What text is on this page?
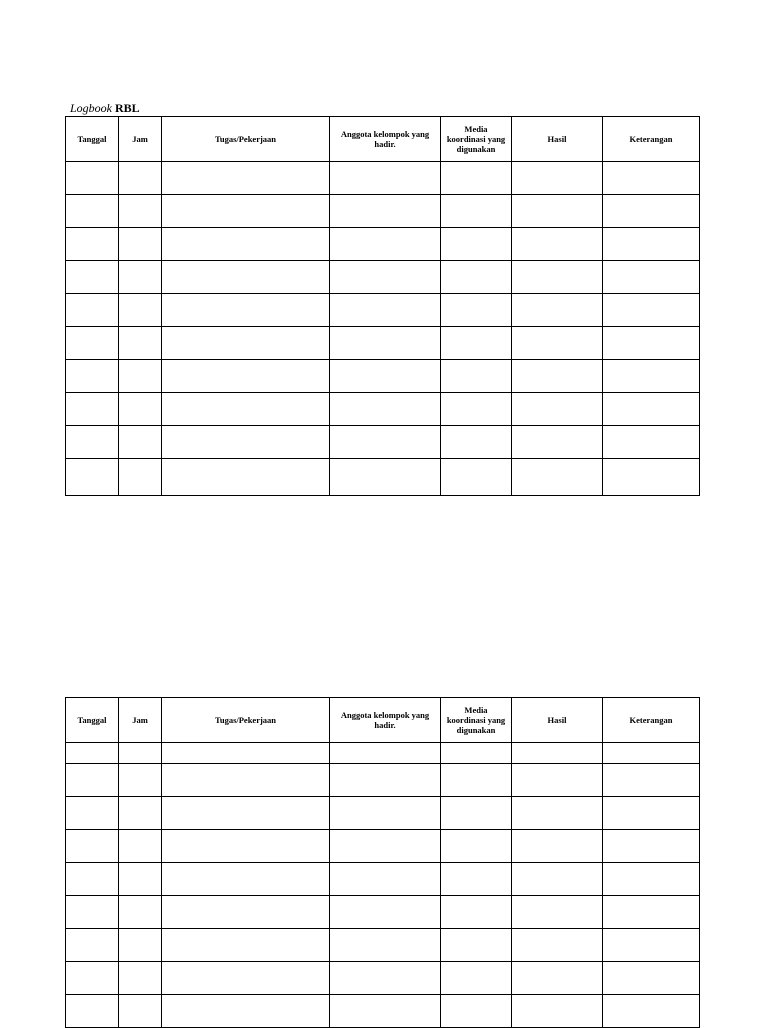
Logbook RBL
Tanggal	Jam	Tugas/Pekerjaan	Anggota kelompok yang hadir.	Media koordinasi yang digunakan	Hasil	Keterangan

Tanggal	Jam	Tugas/Pekerjaan	Anggota kelompok yang hadir.	Media koordinasi yang digunakan	Hasil	Keterangan
